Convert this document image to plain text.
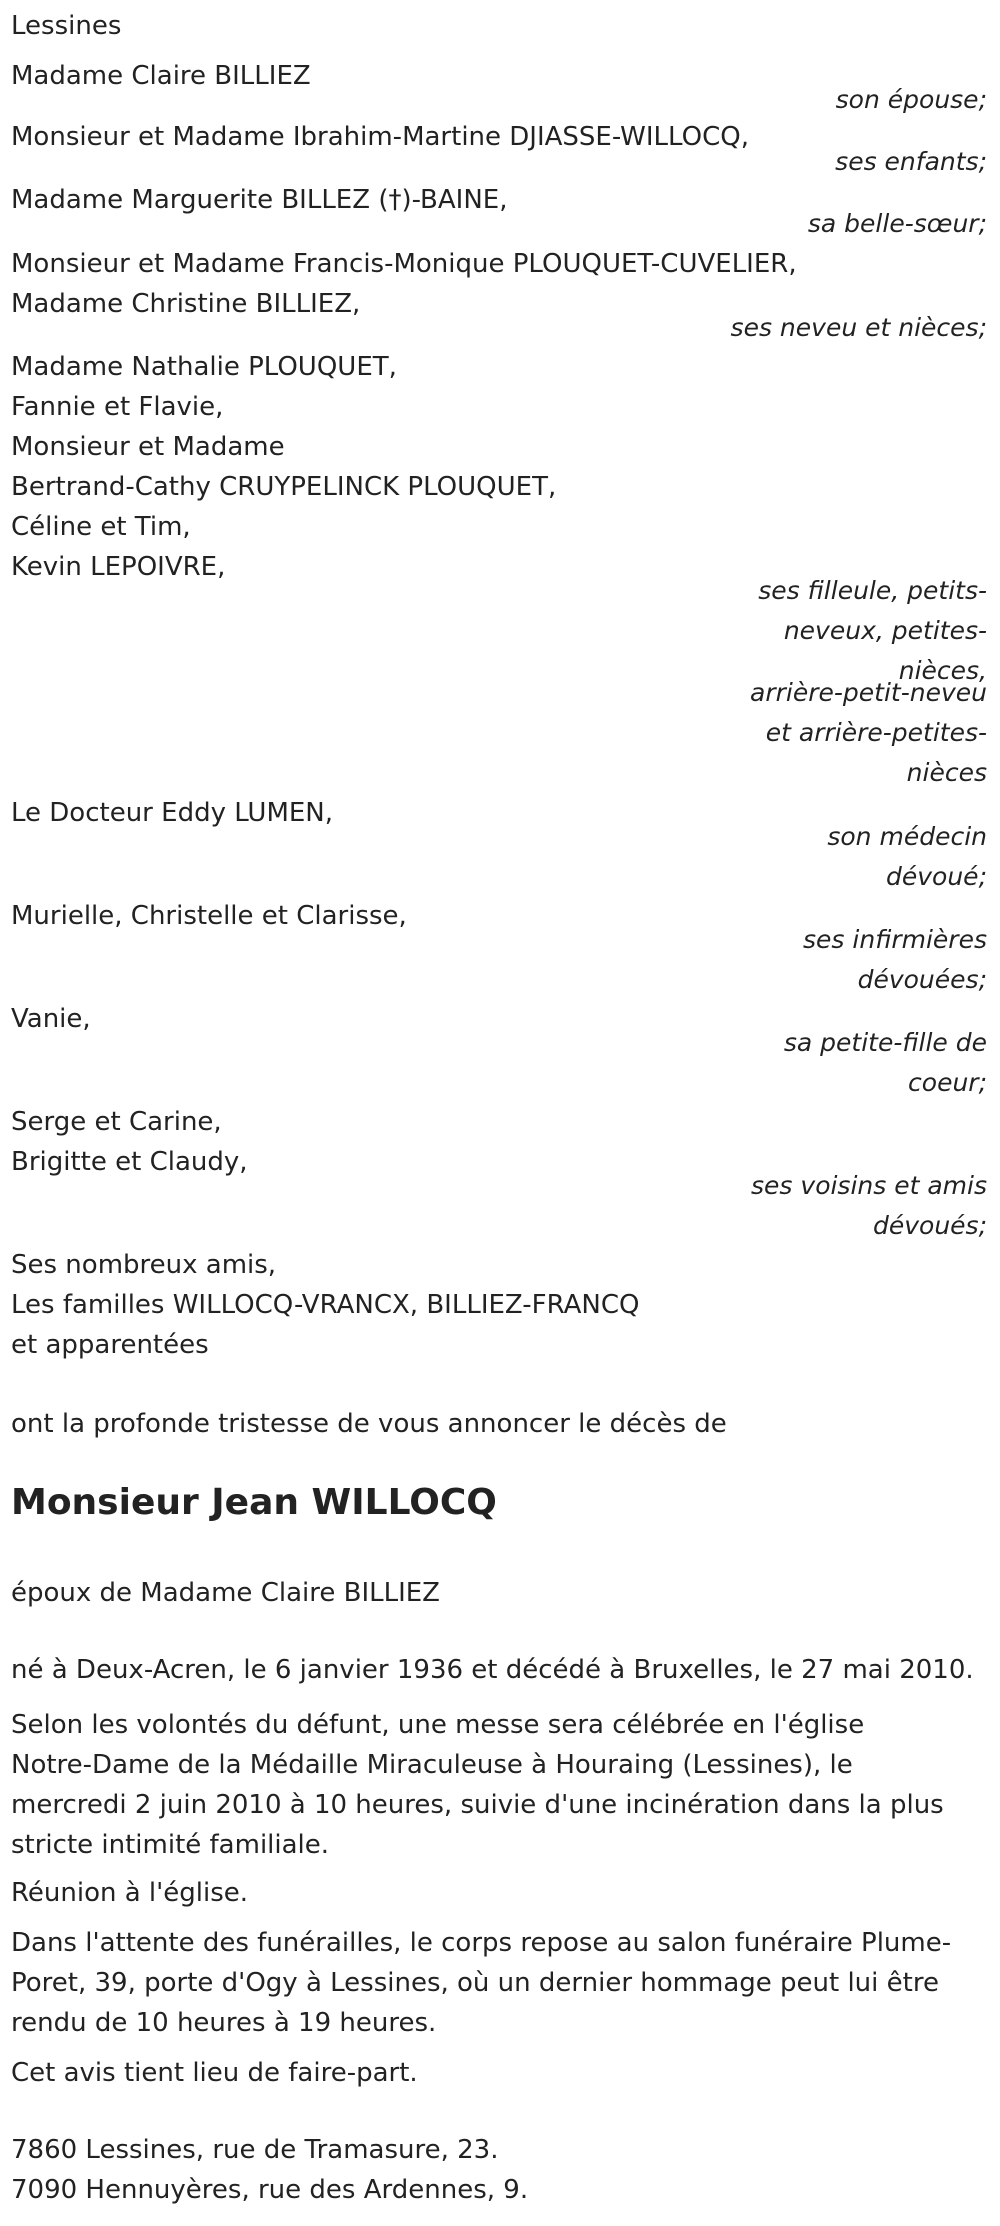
Lessines
Madame Claire BILLIEZ
son épouse;
Monsieur et Madame Ibrahim-Martine DJIASSE-WILLOCQ,
ses enfants;
Madame Marguerite BILLEZ (†)-BAINE,
sa belle-sœur;
Monsieur et Madame Francis-Monique PLOUQUET-CUVELIER,
Madame Christine BILLIEZ,
ses neveu et nièces;
Madame Nathalie PLOUQUET,
Fannie et Flavie,
Monsieur et Madame
Bertrand-Cathy CRUYPELINCK PLOUQUET,
Céline et Tim,
Kevin LEPOIVRE,
ses filleule, petits-
neveux, petites-
nièces,
arrière-petit-neveu
et arrière-petites-
nièces
Le Docteur Eddy LUMEN,
son médecin
dévoué;
Murielle, Christelle et Clarisse,
ses infirmières
dévouées;
Vanie,
sa petite-fille de
coeur;
Serge et Carine,
Brigitte et Claudy,
ses voisins et amis
dévoués;
Ses nombreux amis,
Les familles WILLOCQ-VRANCX, BILLIEZ-FRANCQ
et apparentées
ont la profonde tristesse de vous annoncer le décès de
Monsieur Jean WILLOCQ
époux de Madame Claire BILLIEZ
né à Deux-Acren, le 6 janvier 1936 et décédé à Bruxelles, le 27 mai 2010.
Selon les volontés du défunt, une messe sera célébrée en l'église
Notre-Dame de la Médaille Miraculeuse à Houraing (Lessines), le
mercredi 2 juin 2010 à 10 heures, suivie d'une incinération dans la plus
stricte intimité familiale.
Réunion à l'église.
Dans l'attente des funérailles, le corps repose au salon funéraire Plume-
Poret, 39, porte d'Ogy à Lessines, où un dernier hommage peut lui être
rendu de 10 heures à 19 heures.
Cet avis tient lieu de faire-part.
7860 Lessines, rue de Tramasure, 23.
7090 Hennuyères, rue des Ardennes, 9.
